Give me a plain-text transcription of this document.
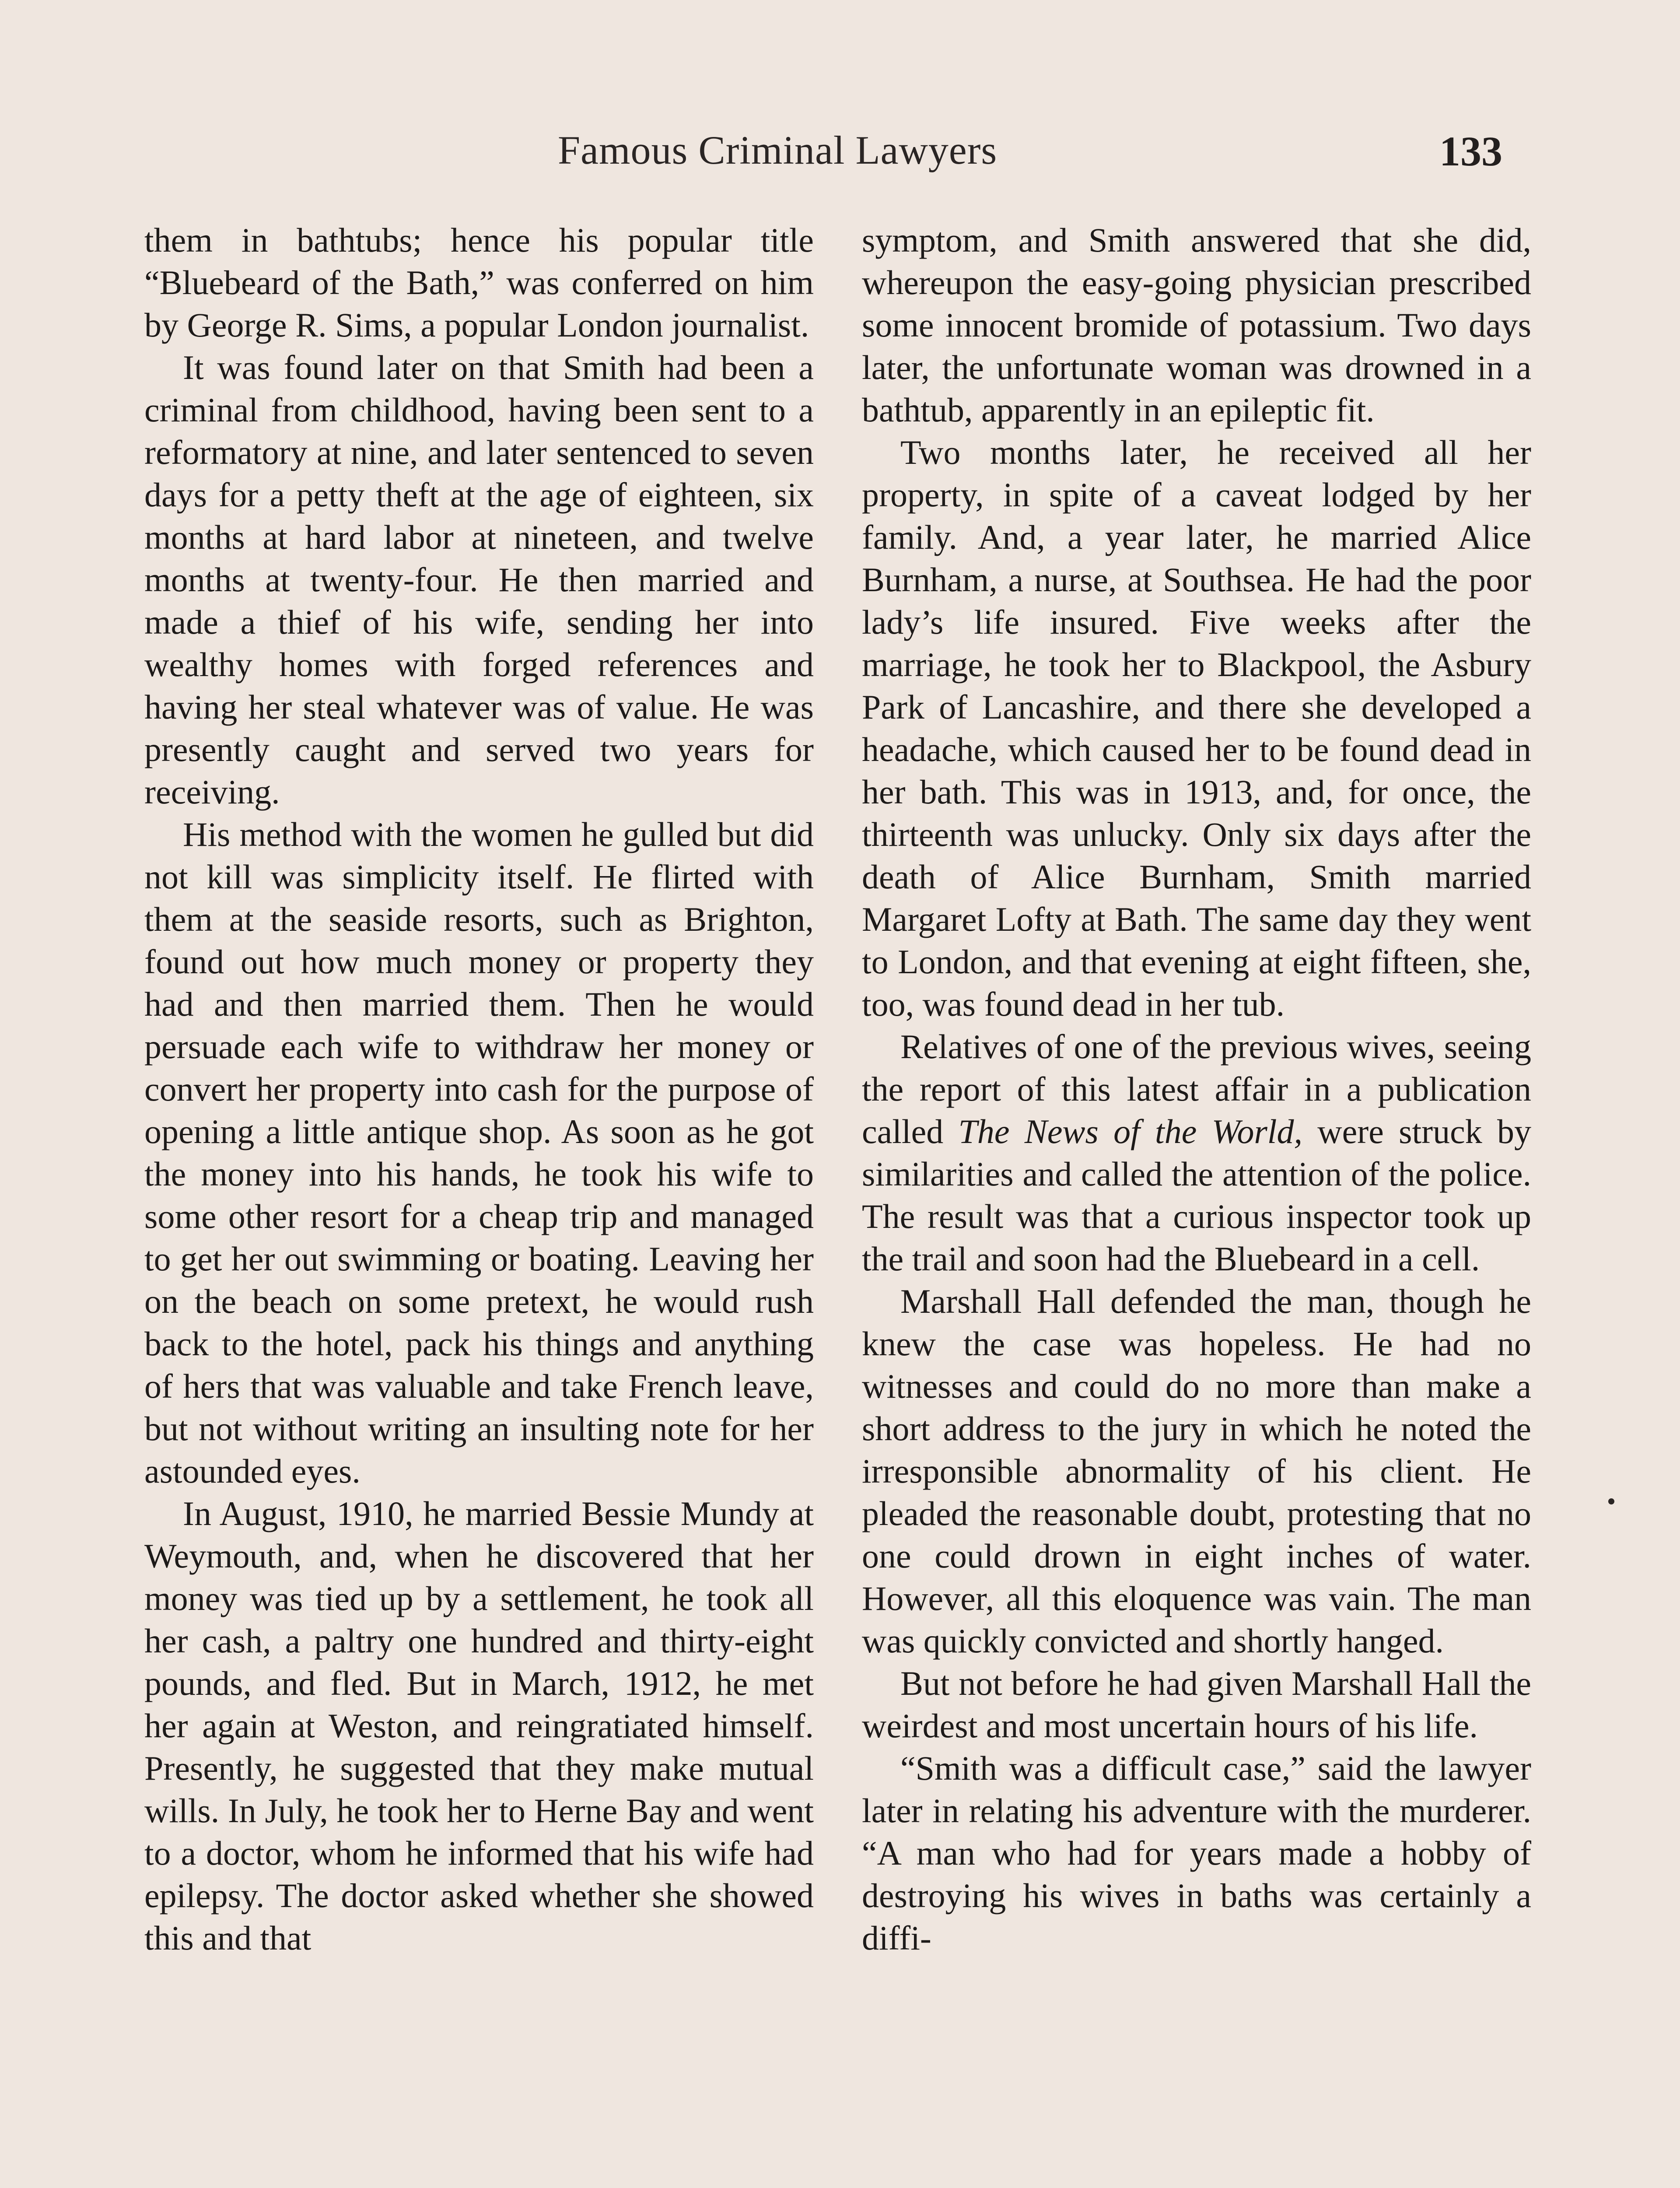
Famous Criminal Lawyers	133

them in bathtubs; hence his popular title “Bluebeard of the Bath,” was conferred on him by George R. Sims, a popular London journalist.

It was found later on that Smith had been a criminal from childhood, having been sent to a reformatory at nine, and later sentenced to seven days for a petty theft at the age of eighteen, six months at hard labor at nineteen, and twelve months at twenty-four. He then married and made a thief of his wife, sending her into wealthy homes with forged references and having her steal whatever was of value. He was presently caught and served two years for receiving.

His method with the women he gulled but did not kill was simplicity itself. He flirted with them at the seaside resorts, such as Brighton, found out how much money or property they had and then married them. Then he would persuade each wife to withdraw her money or convert her property into cash for the purpose of opening a little antique shop. As soon as he got the money into his hands, he took his wife to some other resort for a cheap trip and managed to get her out swimming or boating. Leaving her on the beach on some pretext, he would rush back to the hotel, pack his things and anything of hers that was valuable and take French leave, but not without writing an insulting note for her astounded eyes.

In August, 1910, he married Bessie Mundy at Weymouth, and, when he discovered that her money was tied up by a settlement, he took all her cash, a paltry one hundred and thirty-eight pounds, and fled. But in March, 1912, he met her again at Weston, and reingratiated himself. Presently, he suggested that they make mutual wills. In July, he took her to Herne Bay and went to a doctor, whom he informed that his wife had epilepsy. The doctor asked whether she showed this and that

symptom, and Smith answered that she did, whereupon the easy-going physician prescribed some innocent bromide of potassium. Two days later, the unfortunate woman was drowned in a bathtub, apparently in an epileptic fit.

Two months later, he received all her property, in spite of a caveat lodged by her family. And, a year later, he married Alice Burnham, a nurse, at Southsea. He had the poor lady’s life insured. Five weeks after the marriage, he took her to Blackpool, the Asbury Park of Lancashire, and there she developed a headache, which caused her to be found dead in her bath. This was in 1913, and, for once, the thirteenth was unlucky. Only six days after the death of Alice Burnham, Smith married Margaret Lofty at Bath. The same day they went to London, and that evening at eight fifteen, she, too, was found dead in her tub.

Relatives of one of the previous wives, seeing the report of this latest affair in a publication called The News of the World, were struck by similarities and called the attention of the police. The result was that a curious inspector took up the trail and soon had the Bluebeard in a cell.

Marshall Hall defended the man, though he knew the case was hopeless. He had no witnesses and could do no more than make a short address to the jury in which he noted the irresponsible abnormality of his client. He pleaded the reasonable doubt, protesting that no one could drown in eight inches of water. However, all this eloquence was vain. The man was quickly convicted and shortly hanged.

But not before he had given Marshall Hall the weirdest and most uncertain hours of his life.

“Smith was a difficult case,” said the lawyer later in relating his adventure with the murderer. “A man who had for years made a hobby of destroying his wives in baths was certainly a diffi-
